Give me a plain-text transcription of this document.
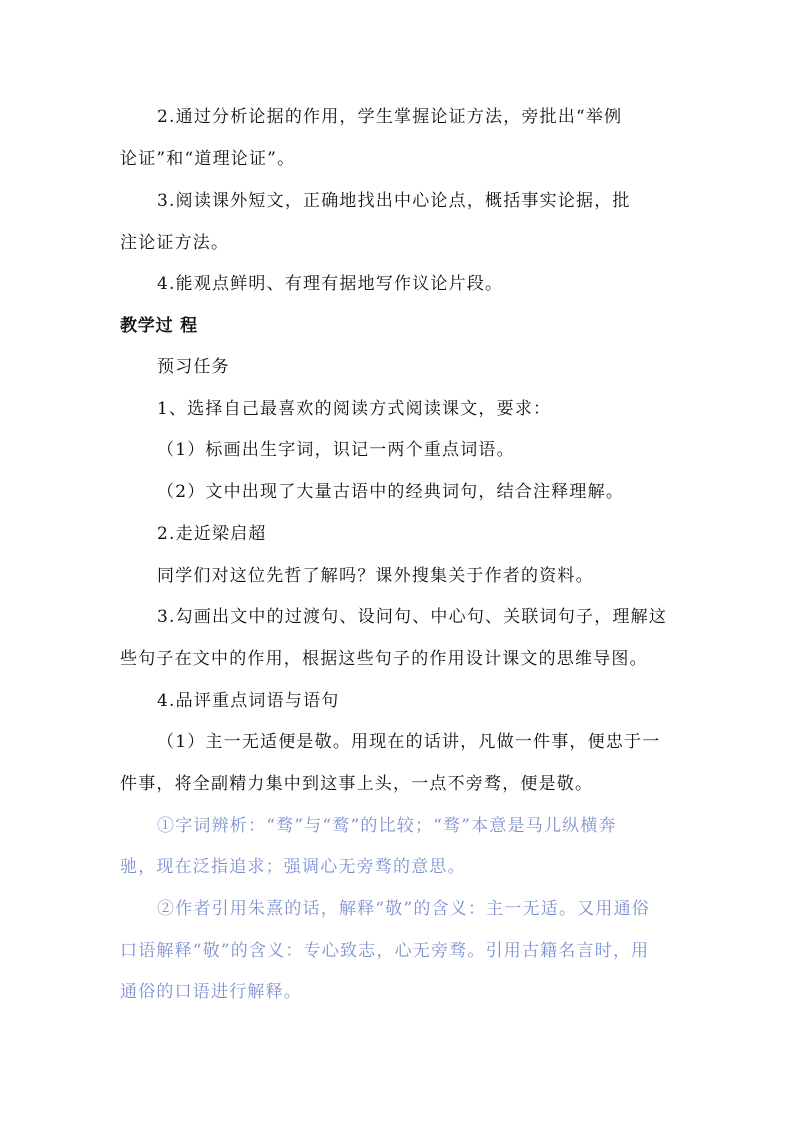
2.通过分析论据的作用，学生掌握论证方法，旁批出“举例
论证”和“道理论证”。
3.阅读课外短文，正确地找出中心论点，概括事实论据，批
注论证方法。
4.能观点鲜明、有理有据地写作议论片段。
教学过 程
预习任务
1、选择自己最喜欢的阅读方式阅读课文，要求：
（1）标画出生字词，识记一两个重点词语。
（2）文中出现了大量古语中的经典词句，结合注释理解。
2.走近梁启超
同学们对这位先哲了解吗？课外搜集关于作者的资料。
3.勾画出文中的过渡句、设问句、中心句、关联词句子，理解这
些句子在文中的作用，根据这些句子的作用设计课文的思维导图。
4.品评重点词语与语句
（1）主一无适便是敬。用现在的话讲，凡做一件事，便忠于一
件事，将全副精力集中到这事上头，一点不旁骛，便是敬。
①字词辨析：“骛”与“鹜”的比较；“骛”本意是马儿纵横奔
驰，现在泛指追求；强调心无旁骛的意思。
②作者引用朱熹的话，解释“敬”的含义：主一无适。又用通俗
口语解释“敬”的含义：专心致志，心无旁骛。引用古籍名言时，用
通俗的口语进行解释。
